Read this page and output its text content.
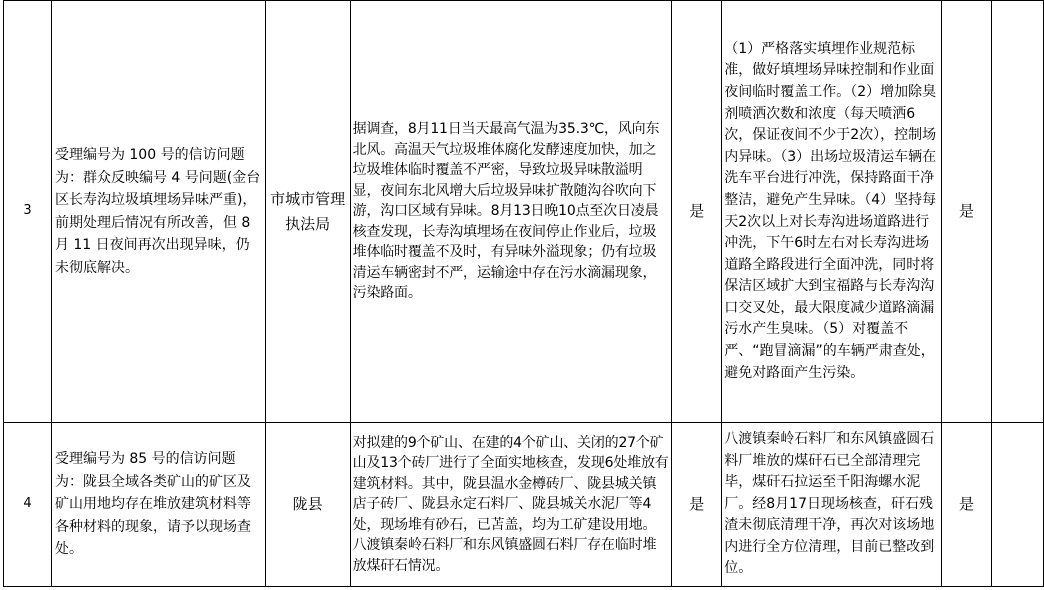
3	受理编号为 100 号的信访问题为：群众反映编号 4 号问题(金台区长寿沟垃圾填埋场异味严重)，前期处理后情况有所改善，但 8 月 11 日夜间再次出现异味，仍未彻底解决。	市城市管理执法局	据调查，8月11日当天最高气温为35.3℃，风向东北风。高温天气垃圾堆体腐化发酵速度加快，加之垃圾堆体临时覆盖不严密，导致垃圾异味散溢明显，夜间东北风增大后垃圾异味扩散随沟谷吹向下游，沟口区域有异味。8月13日晚10点至次日凌晨核查发现，长寿沟填埋场在夜间停止作业后，垃圾堆体临时覆盖不及时，有异味外溢现象；仍有垃圾清运车辆密封不严，运输途中存在污水滴漏现象，污染路面。	是	（1）严格落实填埋作业规范标准，做好填埋场异味控制和作业面夜间临时覆盖工作。（2）增加除臭剂喷洒次数和浓度（每天喷洒6次，保证夜间不少于2次），控制场内异味。（3）出场垃圾清运车辆在洗车平台进行冲洗，保持路面干净整洁，避免产生异味。（4）坚持每天2次以上对长寿沟进场道路进行冲洗，下午6时左右对长寿沟进场道路全路段进行全面冲洗，同时将保洁区域扩大到宝福路与长寿沟沟口交叉处，最大限度减少道路滴漏污水产生臭味。（5）对覆盖不严、“跑冒滴漏”的车辆严肃查处，避免对路面产生污染。	是	
4	受理编号为 85 号的信访问题为：陇县全域各类矿山的矿区及矿山用地均存在堆放建筑材料等各种材料的现象，请予以现场查处。	陇县	对拟建的9个矿山、在建的4个矿山、关闭的27个矿山及13个砖厂进行了全面实地核查，发现6处堆放有建筑材料。其中，陇县温水金樽砖厂、陇县城关镇店子砖厂、陇县永定石料厂、陇县城关水泥厂等4处，现场堆有砂石，已苫盖，均为工矿建设用地。八渡镇秦岭石料厂和东风镇盛圆石料厂存在临时堆放煤矸石情况。	是	八渡镇秦岭石料厂和东风镇盛圆石料厂堆放的煤矸石已全部清理完毕，煤矸石拉运至千阳海螺水泥厂。经8月17日现场核查，矸石残渣未彻底清理干净，再次对该场地内进行全方位清理，目前已整改到位。	是	
